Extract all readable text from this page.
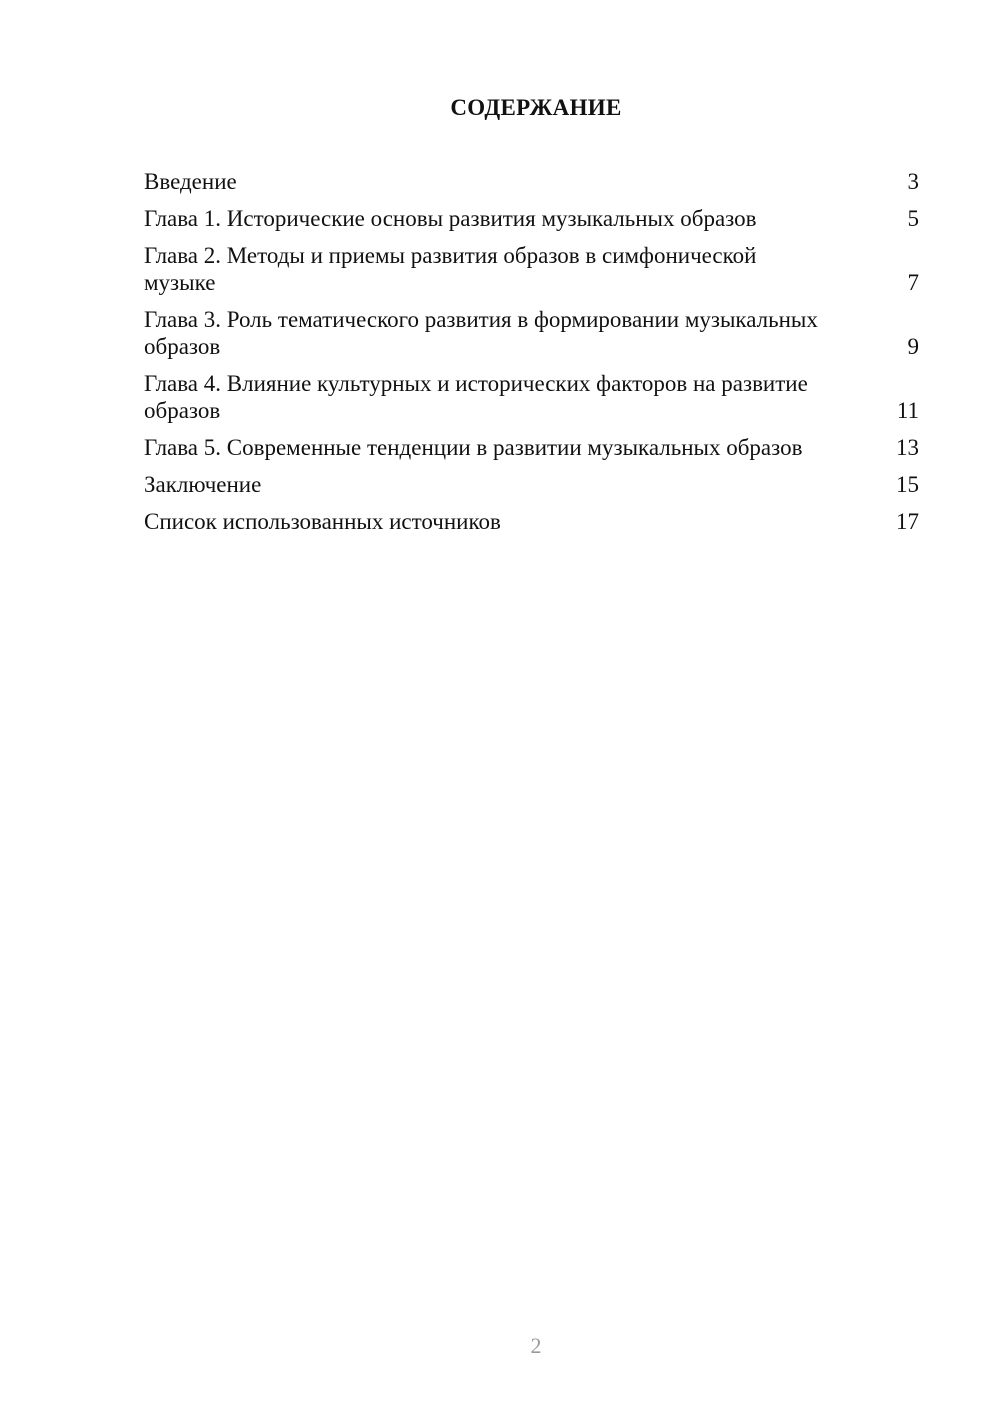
СОДЕРЖАНИЕ
Введение	3
Глава 1. Исторические основы развития музыкальных образов	5
Глава 2. Методы и приемы развития образов в симфонической музыке	7
Глава 3. Роль тематического развития в формировании музыкальных образов	9
Глава 4. Влияние культурных и исторических факторов на развитие образов	11
Глава 5. Современные тенденции в развитии музыкальных образов	13
Заключение	15
Список использованных источников	17
2
